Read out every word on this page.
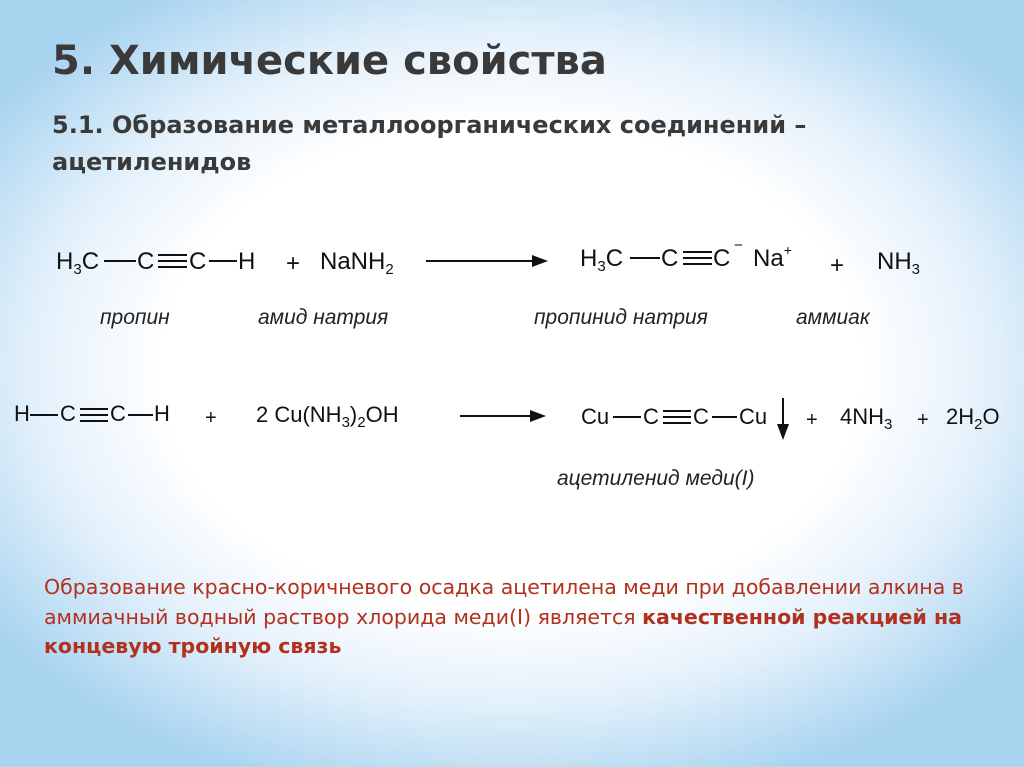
5. Химические свойства
5.1. Образование металлоорганических соединений – ацетиленидов
$H_3C$ C C H + NaNH$_2$	$H_3C$ C C − Na+
+ $NH_3$
пропин	амид натрия	пропинид натрия	аммиак
H C C H + 2 $Cu(NH_3)_2OH$	Cu C C $Cu + 4NH_3 + 2H_2O$
ацетиленид меди(I)
Образование красно-коричневого осадка ацетилена меди при добавлении алкина в аммиачный водный раствор хлорида меди(I) является качественной реакцией на концевую тройную связь
